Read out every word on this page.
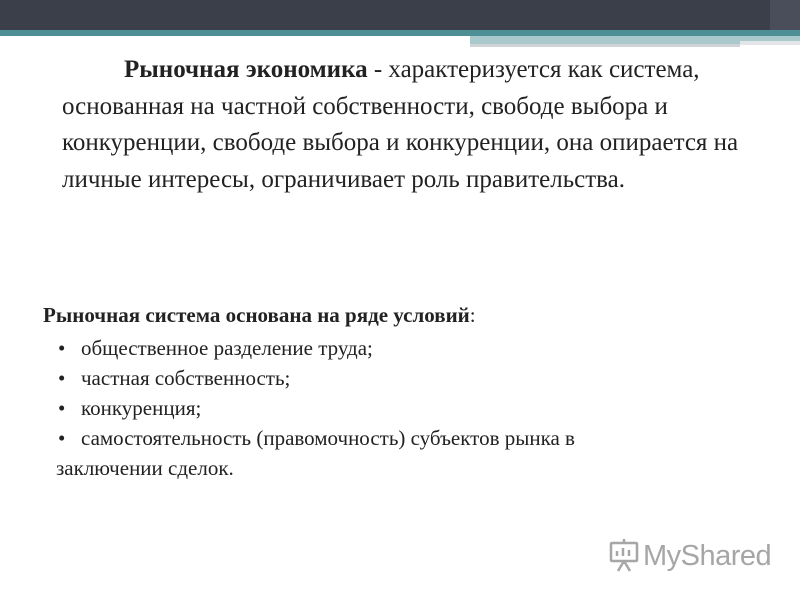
Рыночная экономика - характеризуется как система, основанная на частной собственности, свободе выбора и конкуренции, свободе выбора и конкуренции, она опирается на личные интересы, ограничивает роль правительства.

Рыночная система основана на ряде условий:

• общественное разделение труда;
• частная собственность;
• конкуренция;
• самостоятельность (правомочность) субъектов рынка в
заключении сделок.

MyShared
